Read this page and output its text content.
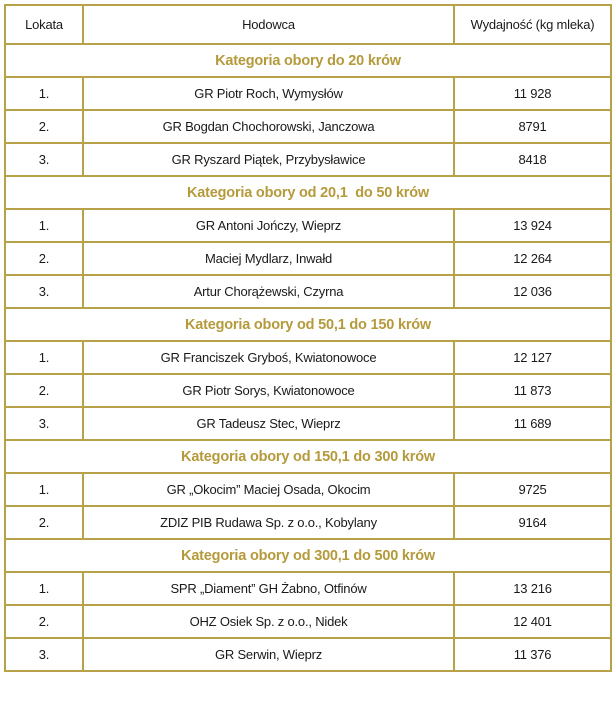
Lokata	Hodowca	Wydajność (kg mleka)
Kategoria obory do 20 krów		
1.	GR Piotr Roch, Wymysłów	11 928
2.	GR Bogdan Chochorowski, Janczowa	8791
3.	GR Ryszard Piątek, Przybysławice	8418
Kategoria obory od 20,1  do 50 krów		
1.	GR Antoni Jończy, Wieprz	13 924
2.	Maciej Mydlarz, Inwałd	12 264
3.	Artur Chorążewski, Czyrna	12 036
Kategoria obory od 50,1 do 150 krów		
1.	GR Franciszek Gryboś, Kwiatonowoce	12 127
2.	GR Piotr Sorys, Kwiatonowoce	11 873
3.	GR Tadeusz Stec, Wieprz	11 689
Kategoria obory od 150,1 do 300 krów		
1.	GR „Okocim” Maciej Osada, Okocim	9725
2.	ZDIZ PIB Rudawa Sp. z o.o., Kobylany	9164
Kategoria obory od 300,1 do 500 krów		
1.	SPR „Diament” GH Żabno, Otfinów	13 216
2.	OHZ Osiek Sp. z o.o., Nidek	12 401
3.	GR Serwin, Wieprz	11 376
